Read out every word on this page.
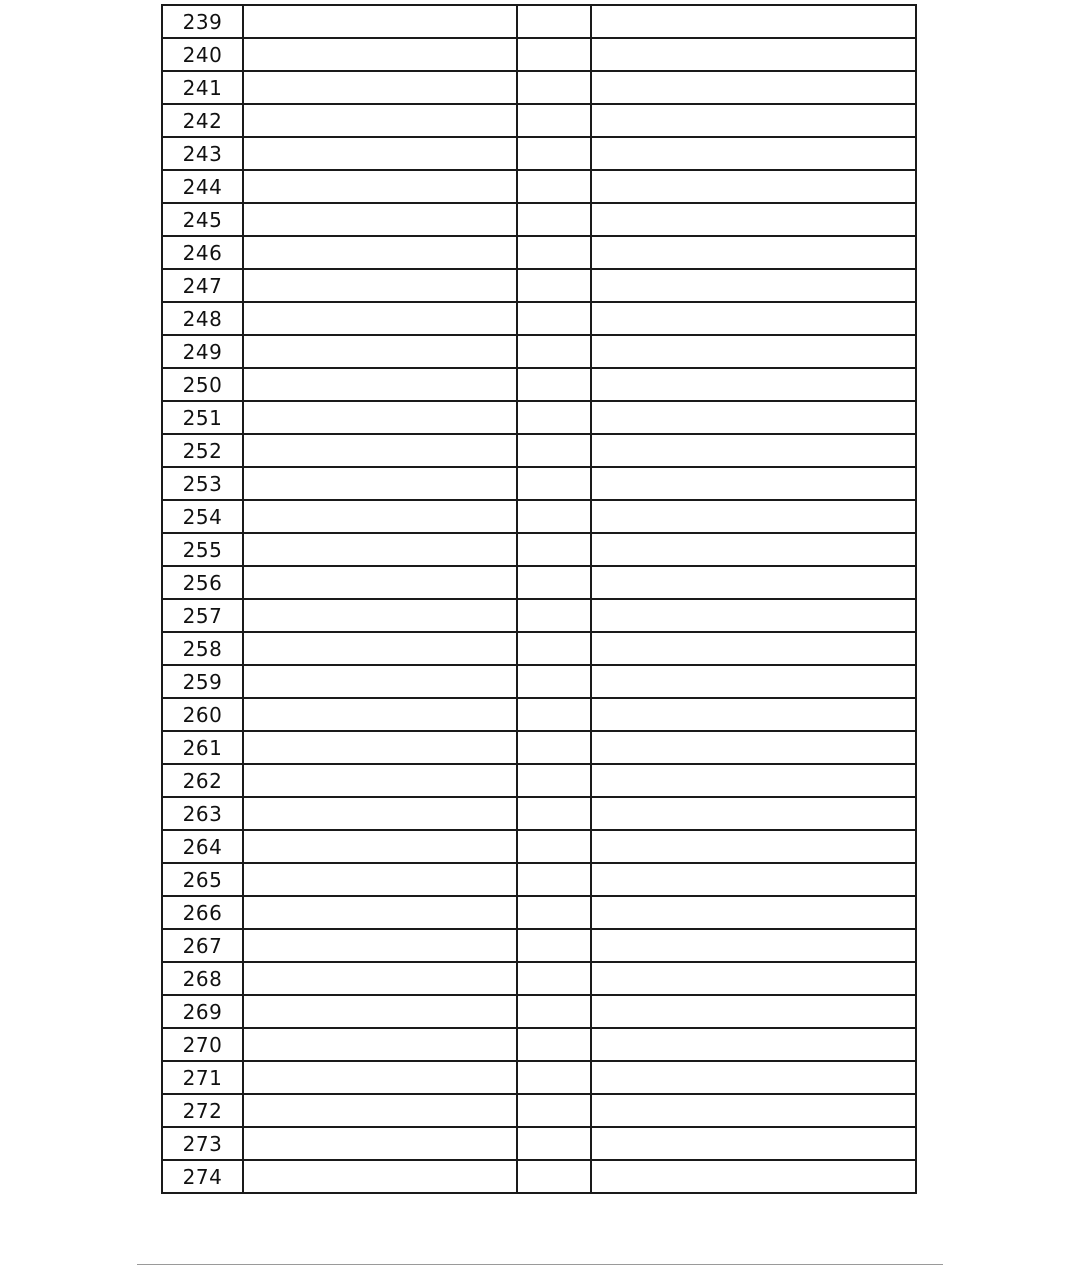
239			
240			
241			
242			
243			
244			
245			
246			
247			
248			
249			
250			
251			
252			
253			
254			
255			
256			
257			
258			
259			
260			
261			
262			
263			
264			
265			
266			
267			
268			
269			
270			
271			
272			
273			
274			
